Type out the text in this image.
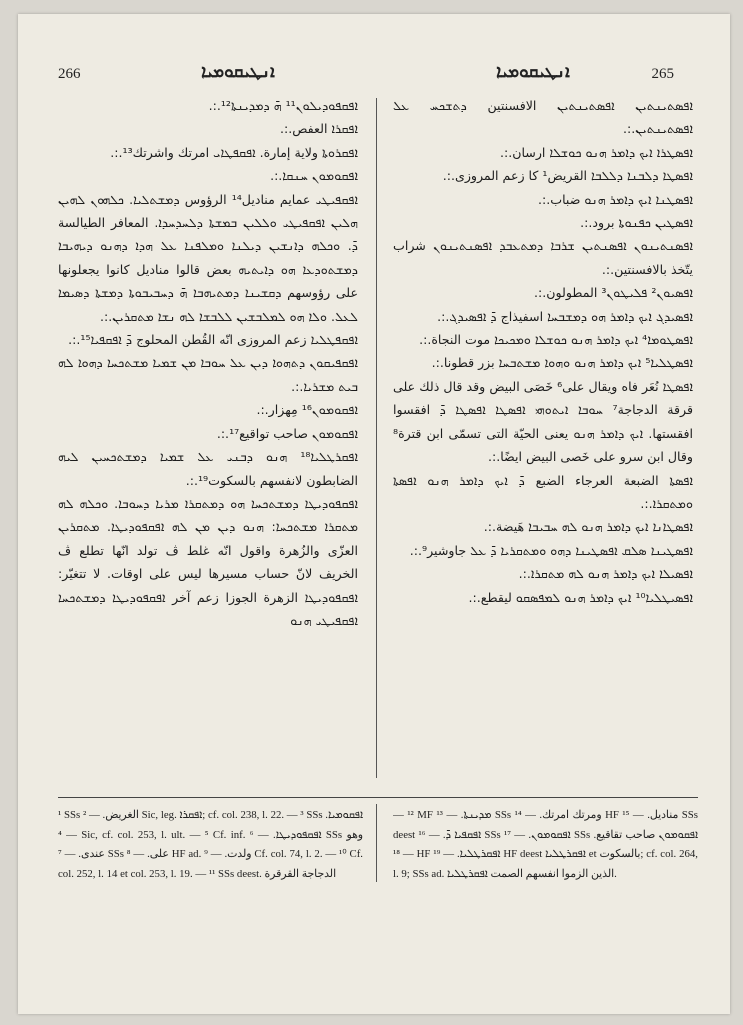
266	ܐܢܛܝܩܘܡܝܐ	ܐܢܛܝܩܘܡܝܐ	265

ܐܦܩܦܘܕܝܠܘܢ¹¹ ܗ̄ ܕܡܕܝܢܬܐ¹².:.

ܐܦܩܪܐ العفص.:.

ܐܦܩܪܘܬܐ ولاية إمارة. ܐܦܩܦܛܐܝ امرتك واشرتك¹³.:.

ܐܦܩܘܡܘܢ ܚܢܩܐ.:.

ܐܦܩܦܝܛܝ عمايم مناديل¹⁴ الرؤوس ܕܡܫܬܠܝܐ. ܟܠܗܘܢ ܠܗܝܢ ܗܠܝܢ ܐܦܩܦܝܛܝ ܘܠܠܝܢ ܒܡܫܬܐ ܕܠܚܕܚܕܐ. المعافر الطيالسة ܕ̄. ܘܟܠܗ ܕܐܢܫܝܢ ܕܝܠܢܐ ܘܡܠܦܢܐ ܥܠ ܗܕܐ ܕܗܢܘ ܕܝܗܝܒܐ ܕܡܫܬܘܕܥܐ ܗܘ ܕܐܝܬܝܗ بعض قالوا مناديل كانوا يجعلونها على رؤوسهم ܕܩܫܝܢܐ ܕܡܬܝܗܒܐ ܗ̄ ܕܚܒܝܒܘܬܐ ܕܡܫܬܐ ܕܣܝܡܐ ܠܥܠ. ܘܠܐ ܗܘ ܠܡܠܒܫܝܢ ܠܠܒܫܐ ܠܗ ܢܫܐ ܡܬܩܪܝܢ.:.

ܐܦܩܦܛܠܝܐ زعم المروزى انّه القُطن المحلوج ܕ̄ ܐܦܩܦܝܐ¹⁵.:.

ܐܦܩܦܝܩܘܢ ܕܬܗܘܐ ܕܝܢ ܥܠ ܚܘܒܐ ܡܢ ܫܡܝܐ ܡܫܬܟܚܐ ܕܗܘܐ ܠܗ ܒܝܬ ܡܫܪܝܐ.:.

ܐܦܩܘܡܘܢ¹⁶ مِهزار.:.

ܐܦܩܘܡܘܢ صاحب تواقيع¹⁷.:.

ܐܦܩܪܛܠܝܐ¹⁸ ܗܢܘ ܕܒܢܝ ܥܠ ܫܡܝܐ ܕܡܫܬܟܚܝܢ ܠܝܗ الضابطون لانفسهم بالسكوت¹⁹.:.

ܐܦܩܦܘܕܝܛܐ ܕܡܫܬܟܚܐ ܗܘ ܕܡܬܩܪܐ ܡܪܝܐ ܕܚܘܒܐ. ܘܟܠܗ ܠܗ ܡܬܩܪܐ ܡܫܬܟܚܐ: ܗܢܘ ܕܝܢ ܡܢ ܠܗ ܐܦܩܦܘܕܝܛܐ. ܡܬܩܪܝܢ العزّى والزُهرة واقول انّه غلط ڤ تولد انّها تطلع ڤ الخريف لانّ حساب مسيرها ليس على اوقات. لا تتغيّر: ܐܦܩܦܘܕܝܛܐ الزهرة الجوزا زعم آخر ܐܦܩܦܘܕܝܛܐ ܕܡܫܬܟܚܐ ܐܦܩܦܝܛܝ ܗܢܘ

ܐܦܣܬܝܢܬܝܢ ܐܦܣܬܝܢܬܝܢ الافسنتين ܕܬܫܟܚ ܥܠ ܐܦܣܬܝܢܬܝܢ.:.

ܐܦܣܛܪܐ ܐܝܟ ܕܐܡܪ ܗܢܘ ܟܘܫܠܐ ارسان.:.

ܐܦܣܛܐ ܕܠܒܢܐ ܕܠܠܒܐ القريض¹ كا زعم المروزى.:.

ܐܦܣܛܢܐ ܐܝܟ ܕܐܡܪ ܗܢܘ ضباب.:.

ܐܦܣܛܝܢ ܟܦܢܘܬܐ برود.:.

ܐܦܣܢܬܝܢܘܢ ܐܦܣܢܬܝܢ ܫܪܒܐ ܕܡܬܥܒܕ ܐܦܣܢܬܝܢܘܢ شراب يتّخذ بالافسنتين.:.

ܐܦܣܝܘܢ² ܦܠܝܛܘܢ³ المطولون.:.

ܐܦܣܝܕܓ ܐܝܟ ܕܐܡܪ ܗܘ ܕܡܫܒܚܐ اسفيذاج ܕ̄ ܐܦܣܝܕܓ.:.

ܐܦܣܛܘܡܐ⁴ ܐܝܟ ܕܐܡܪ ܗܢܘ ܟܘܫܠܐ ܘܡܟܝܟܐ موت النجاة.:.

ܐܦܣܛܠܝܐ⁵ ܐܝܟ ܕܐܡܪ ܗܢܘ ܘܗܘܐ ܡܫܬܒܚܐ بزر قطونا.:.

ܐܦܣܛܐ نُعَر فاه ويقال على⁶ خَصَى البيض وقد قال ذلك على قرقة الدجاجة⁷ ܚܘܒܐ ܐܝܬܘܗܝ ܐܦܣܛܐ ܐܦܣܛܐ ܕ̄ افقسوا افقستها. ܐܝܟ ܕܐܡܪ ܗܢܘ يعنى الحيّة التى تسمّى ابن قترة⁸ وقال ابن سرو على خَصى البيض ايضًا.:.

ܐܦܣܬܐ الضبعة العرجاء الضبع ܕ̄ ܐܝܟ ܕܐܡܪ ܗܢܘ ܐܦܣܬܐ ܘܡܬܩܪܐ.:.

ܐܦܣܛܐܢܐ ܐܝܟ ܕܐܡܪ ܗܢܘ ܠܗ ܚܒܝܒܐ هَيضة.:.

ܐܦܣܛܝܢܐ ܣܠܩ ܐܦܣܛܝܢܐ ܕܗܘ ܘܡܬܩܪܝܐ ܕ̄ ܥܠ جاوشير⁹.:.

ܐܦܣܝܠܐ ܐܝܟ ܕܐܡܪ ܗܢܘ ܠܗ ܡܬܩܪܐ.:.

ܐܦܣܝܛܠܝܐ¹⁰ ܐܝܟ ܕܐܡܪ ܗܢܘ ܠܡܦܣܩܘ ليقطع.:.

¹ SSs الغريض. — ² Sic, leg. ܐܦܩܪܐ; cf. col. 238, l. 22. — ³ SSs ܐܦܩܘܡܝܐ. — ⁴ Sic, cf. col. 253, l. ult. — ⁵ Cf. inf. ܐܦܩܦܘܕܝܛܐ. — ⁶ SSs وهو عندى. — ⁷ SSs على. — ⁸ HF ad. ولدت. — ⁹ Cf. col. 74, l. 2. — ¹⁰ Cf. col. 252, l. 14 et col. 253, l. 19. — ¹¹ SSs deest. الدجاجة القرقرة
— ¹² MF ܡܕܝܢܬܐ. — ¹³ SSs ومرتك امرتك. — ¹⁴ HF مناديل. — ¹⁵ SSs deest ܐܦܩܦܝܐ ܕ̄. — ¹⁶ SSs ܐܦܩܘܡܘܢ. — ¹⁷ SSs ܐܦܩܘܡܘܢ صاحب تقاقيع. — ¹⁸ HF ܐܦܩܪܛܠܝܐ. — ¹⁹ HF deest ܐܦܩܪܛܠܝܐ et بالسكوت; cf. col. 264, l. 9; SSs ad. الذين الزموا انفسهم الصمت ܐܦܩܪܛܠܝܐ.
